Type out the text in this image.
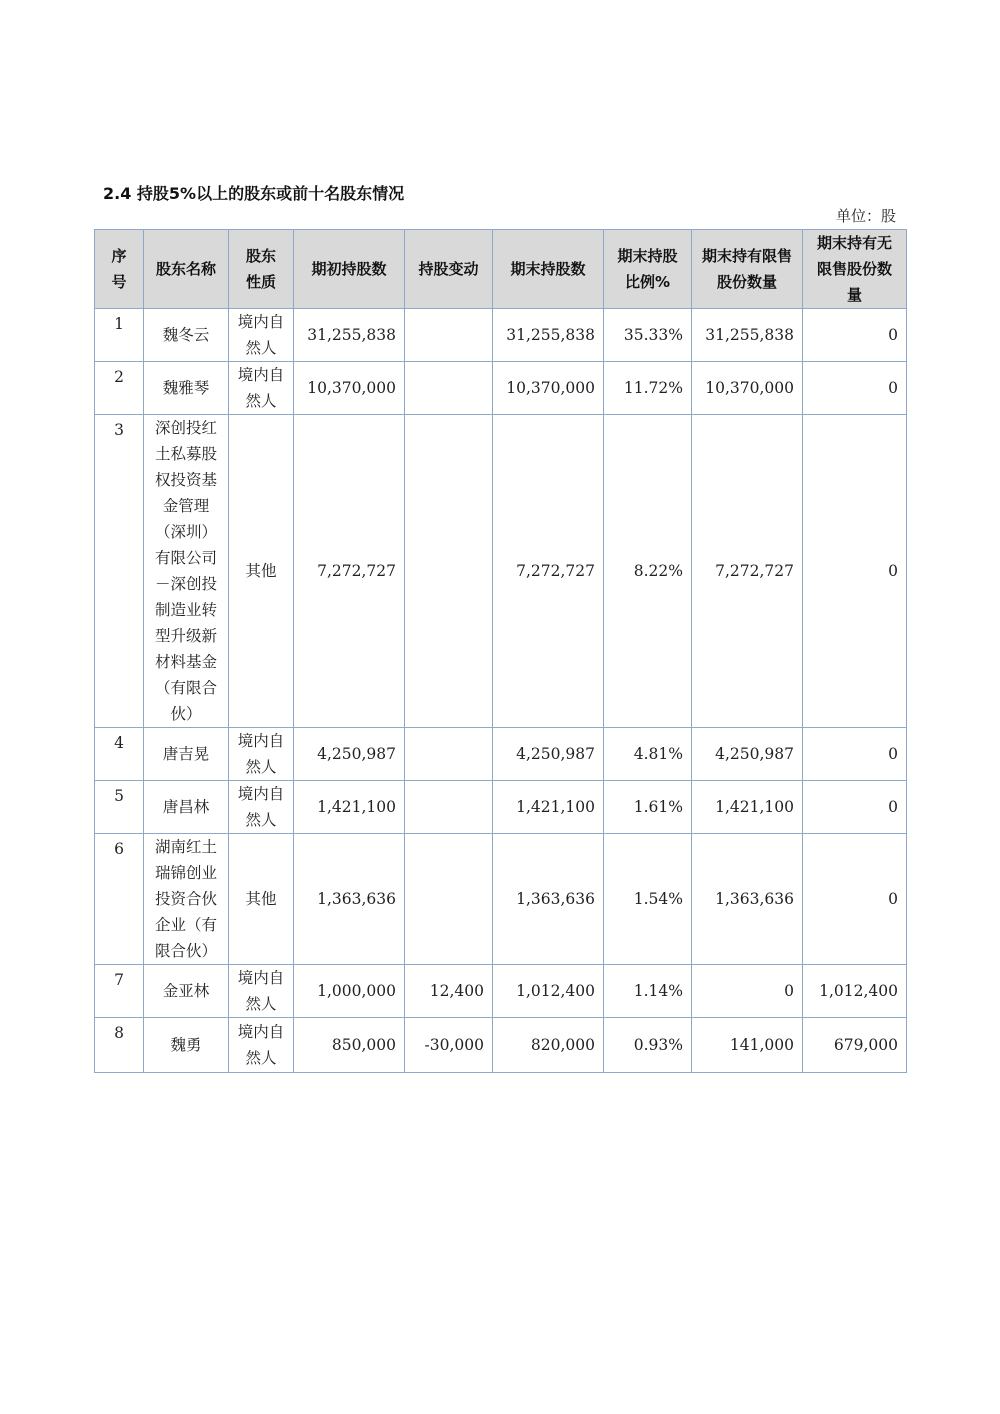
2.4 持股5%以上的股东或前十名股东情况
单位：股
序号	股东名称	股东性质	期初持股数	持股变动	期末持股数	期末持股比例%	期末持有限售股份数量	期末持有无限售股份数量
1	魏冬云	境内自然人	31,255,838		31,255,838	35.33%	31,255,838	0
2	魏雅琴	境内自然人	10,370,000		10,370,000	11.72%	10,370,000	0
3	深创投红土私募股权投资基金管理（深圳）有限公司－深创投制造业转型升级新材料基金（有限合伙）	其他	7,272,727		7,272,727	8.22%	7,272,727	0
4	唐吉晃	境内自然人	4,250,987		4,250,987	4.81%	4,250,987	0
5	唐昌林	境内自然人	1,421,100		1,421,100	1.61%	1,421,100	0
6	湖南红土瑞锦创业投资合伙企业（有限合伙）	其他	1,363,636		1,363,636	1.54%	1,363,636	0
7	金亚林	境内自然人	1,000,000	12,400	1,012,400	1.14%	0	1,012,400
8	魏勇	境内自然人	850,000	-30,000	820,000	0.93%	141,000	679,000
